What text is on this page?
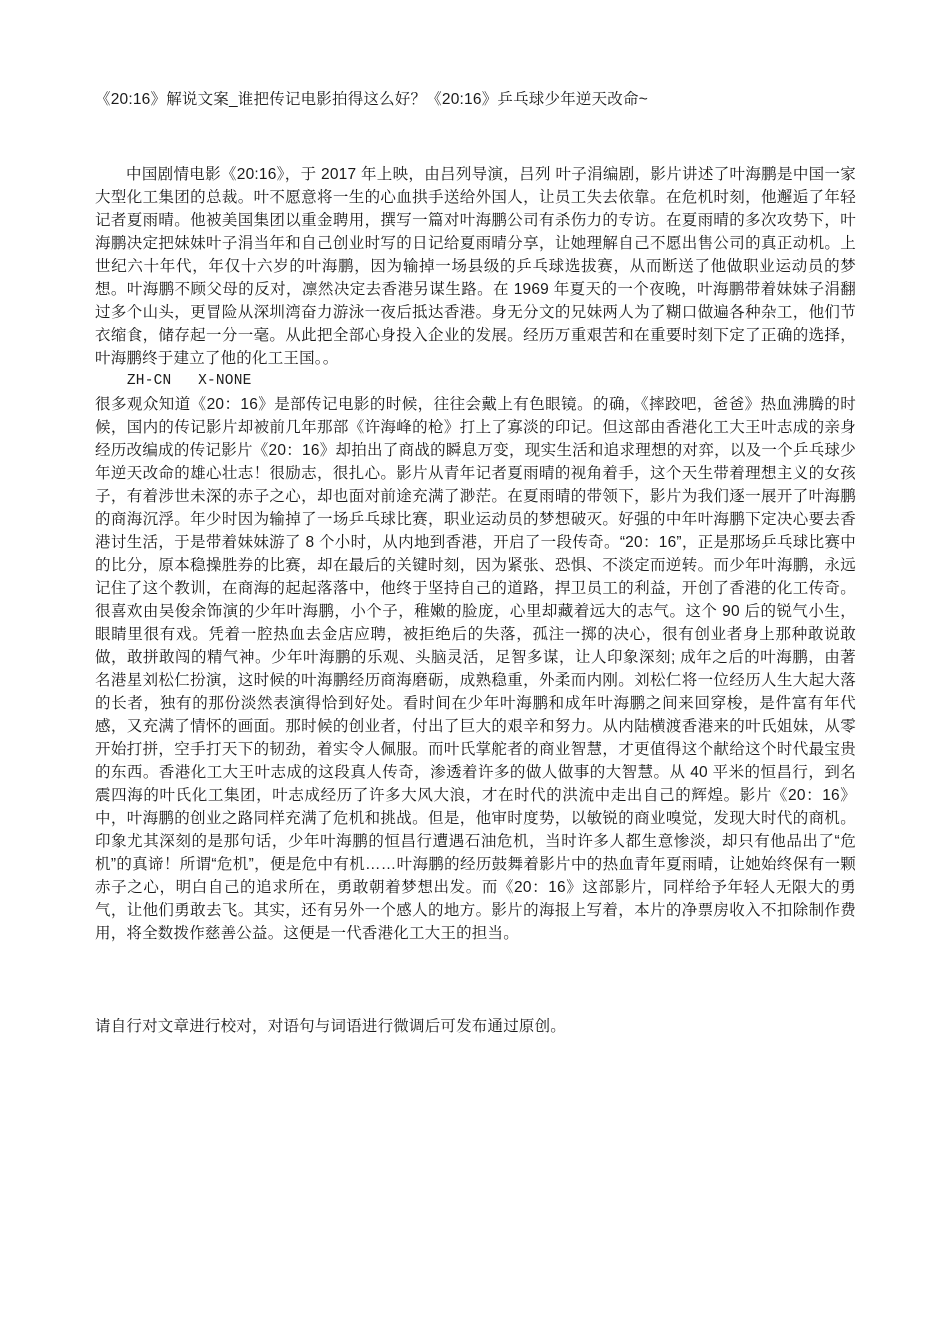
《20:16》解说文案_谁把传记电影拍得这么好？《20:16》乒乓球少年逆天改命~

中国剧情电影《20:16》，于 2017 年上映，由吕列导演，吕列 叶子涓编剧，影片讲述了叶海鹏是中国一家大型化工集团的总裁。叶不愿意将一生的心血拱手送给外国人，让员工失去依靠。在危机时刻，他邂逅了年轻记者夏雨晴。他被美国集团以重金聘用，撰写一篇对叶海鹏公司有杀伤力的专访。在夏雨晴的多次攻势下，叶海鹏决定把妹妹叶子涓当年和自己创业时写的日记给夏雨晴分享，让她理解自己不愿出售公司的真正动机。上世纪六十年代，年仅十六岁的叶海鹏，因为输掉一场县级的乒乓球选拔赛，从而断送了他做职业运动员的梦想。叶海鹏不顾父母的反对，凛然决定去香港另谋生路。在 1969 年夏天的一个夜晚，叶海鹏带着妹妹子涓翻过多个山头，更冒险从深圳湾奋力游泳一夜后抵达香港。身无分文的兄妹两人为了糊口做遍各种杂工，他们节衣缩食，储存起一分一毫。从此把全部心身投入企业的发展。经历万重艰苦和在重要时刻下定了正确的选择，叶海鹏终于建立了他的化工王国。。

ZH-CN   X-NONE

很多观众知道《20：16》是部传记电影的时候，往往会戴上有色眼镜。的确，《摔跤吧，爸爸》热血沸腾的时候，国内的传记影片却被前几年那部《许海峰的枪》打上了寡淡的印记。但这部由香港化工大王叶志成的亲身经历改编成的传记影片《20：16》却拍出了商战的瞬息万变，现实生活和追求理想的对弈，以及一个乒乓球少年逆天改命的雄心壮志！很励志，很扎心。影片从青年记者夏雨晴的视角着手，这个天生带着理想主义的女孩子，有着涉世未深的赤子之心，却也面对前途充满了渺茫。在夏雨晴的带领下，影片为我们逐一展开了叶海鹏的商海沉浮。年少时因为输掉了一场乒乓球比赛，职业运动员的梦想破灭。好强的中年叶海鹏下定决心要去香港讨生活，于是带着妹妹游了 8 个小时，从内地到香港，开启了一段传奇。“20：16”，正是那场乒乓球比赛中的比分，原本稳操胜券的比赛，却在最后的关键时刻，因为紧张、恐惧、不淡定而逆转。而少年叶海鹏，永远记住了这个教训，在商海的起起落落中，他终于坚持自己的道路，捍卫员工的利益，开创了香港的化工传奇。很喜欢由吴俊余饰演的少年叶海鹏，小个子，稚嫩的脸庞，心里却藏着远大的志气。这个 90 后的锐气小生，眼睛里很有戏。凭着一腔热血去金店应聘，被拒绝后的失落，孤注一掷的决心，很有创业者身上那种敢说敢做，敢拼敢闯的精气神。少年叶海鹏的乐观、头脑灵活，足智多谋，让人印象深刻; 成年之后的叶海鹏，由著名港星刘松仁扮演，这时候的叶海鹏经历商海磨砺，成熟稳重，外柔而内刚。刘松仁将一位经历人生大起大落的长者，独有的那份淡然表演得恰到好处。看时间在少年叶海鹏和成年叶海鹏之间来回穿梭，是件富有年代感，又充满了情怀的画面。那时候的创业者，付出了巨大的艰辛和努力。从内陆横渡香港来的叶氏姐妹，从零开始打拼，空手打天下的韧劲，着实令人佩服。而叶氏掌舵者的商业智慧，才更值得这个献给这个时代最宝贵的东西。香港化工大王叶志成的这段真人传奇，渗透着许多的做人做事的大智慧。从 40 平米的恒昌行，到名震四海的叶氏化工集团，叶志成经历了许多大风大浪，才在时代的洪流中走出自己的辉煌。影片《20：16》中，叶海鹏的创业之路同样充满了危机和挑战。但是，他审时度势，以敏锐的商业嗅觉，发现大时代的商机。印象尤其深刻的是那句话，少年叶海鹏的恒昌行遭遇石油危机，当时许多人都生意惨淡，却只有他品出了“危机”的真谛！所谓“危机”，便是危中有机……叶海鹏的经历鼓舞着影片中的热血青年夏雨晴，让她始终保有一颗赤子之心，明白自己的追求所在，勇敢朝着梦想出发。而《20：16》这部影片，同样给予年轻人无限大的勇气，让他们勇敢去飞。其实，还有另外一个感人的地方。影片的海报上写着，本片的净票房收入不扣除制作费用，将全数拨作慈善公益。这便是一代香港化工大王的担当。

请自行对文章进行校对，对语句与词语进行微调后可发布通过原创。
